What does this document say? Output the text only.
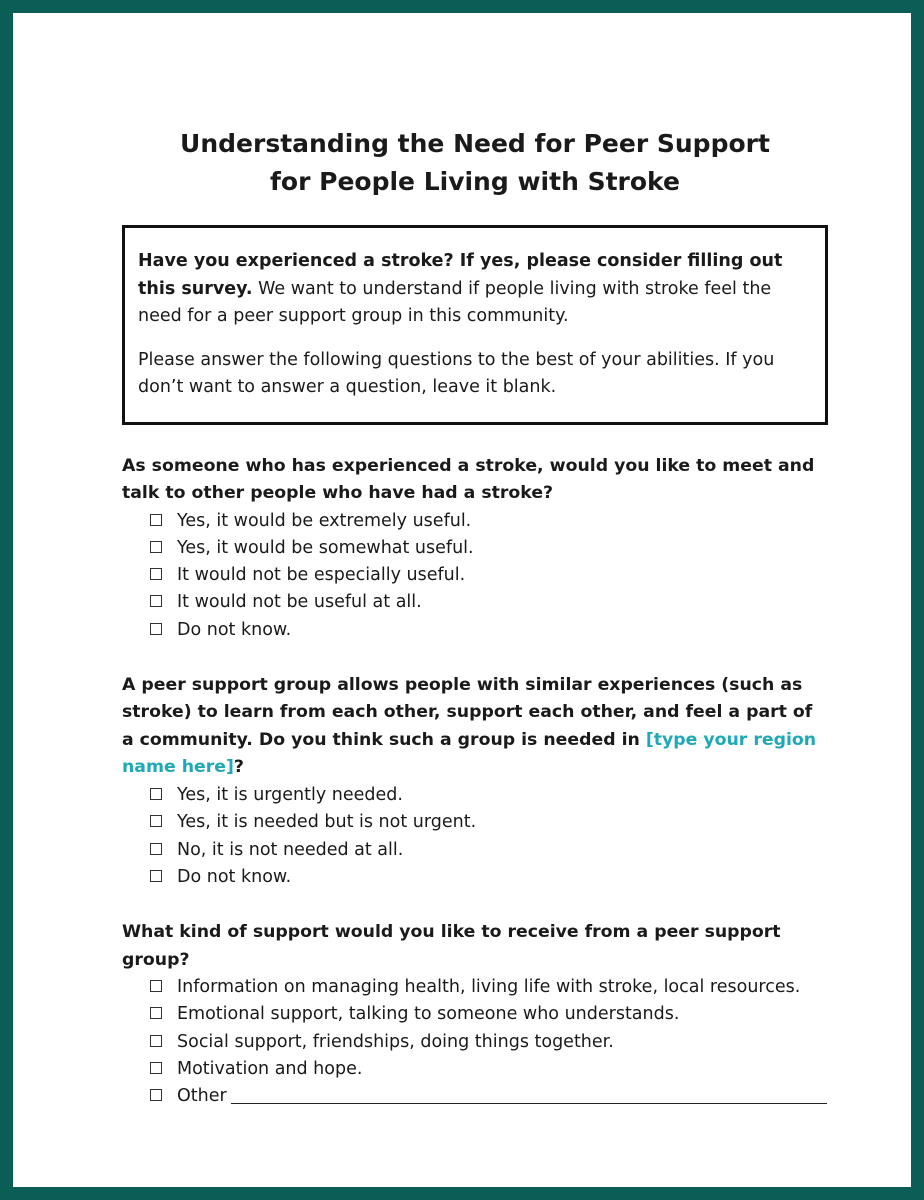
Understanding the Need for Peer Support
for People Living with Stroke

Have you experienced a stroke? If yes, please consider filling out this survey. We want to understand if people living with stroke feel the need for a peer support group in this community.

Please answer the following questions to the best of your abilities. If you don’t want to answer a question, leave it blank.

As someone who has experienced a stroke, would you like to meet and talk to other people who have had a stroke?
Yes, it would be extremely useful.
Yes, it would be somewhat useful.
It would not be especially useful.
It would not be useful at all.
Do not know.
A peer support group allows people with similar experiences (such as stroke) to learn from each other, support each other, and feel a part of a community. Do you think such a group is needed in [type your region name here]?
Yes, it is urgently needed.
Yes, it is needed but is not urgent.
No, it is not needed at all.
Do not know.
What kind of support would you like to receive from a peer support group?
Information on managing health, living life with stroke, local resources.
Emotional support, talking to someone who understands.
Social support, friendships, doing things together.
Motivation and hope.
Other
